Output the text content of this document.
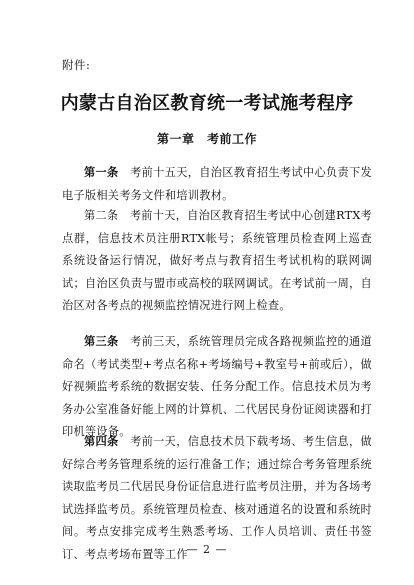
附件:
内蒙古自治区教育统一考试施考程序
第一章　考前工作

第一条  考前十五天，自治区教育招生考试中心负责下发电子版相关考务文件和培训教材。

第二条  考前十天，自治区教育招生考试中心创建RTX考点群，信息技术员注册RTX帐号；系统管理员检查网上巡查系统设备运行情况，做好考点与教育招生考试机构的联网调试；自治区负责与盟市或高校的联网调试。在考试前一周，自治区对各考点的视频监控情况进行网上检查。

第三条  考前三天，系统管理员完成各路视频监控的通道命名（考试类型+考点名称+考场编号+教室号+前或后），做好视频监考系统的数据安装、任务分配工作。信息技术员为考务办公室准备好能上网的计算机、二代居民身份证阅读器和打印机等设备。

第四条  考前一天，信息技术员下载考场、考生信息，做好综合考务管理系统的运行准备工作；通过综合考务管理系统读取监考员二代居民身份证信息进行监考员注册，并为各场考试选择监考员。系统管理员检查、核对通道名的设置和系统时间。考点安排完成考生熟悉考场、工作人员培训、责任书签订、考点考场布置等工作

— 2 —
